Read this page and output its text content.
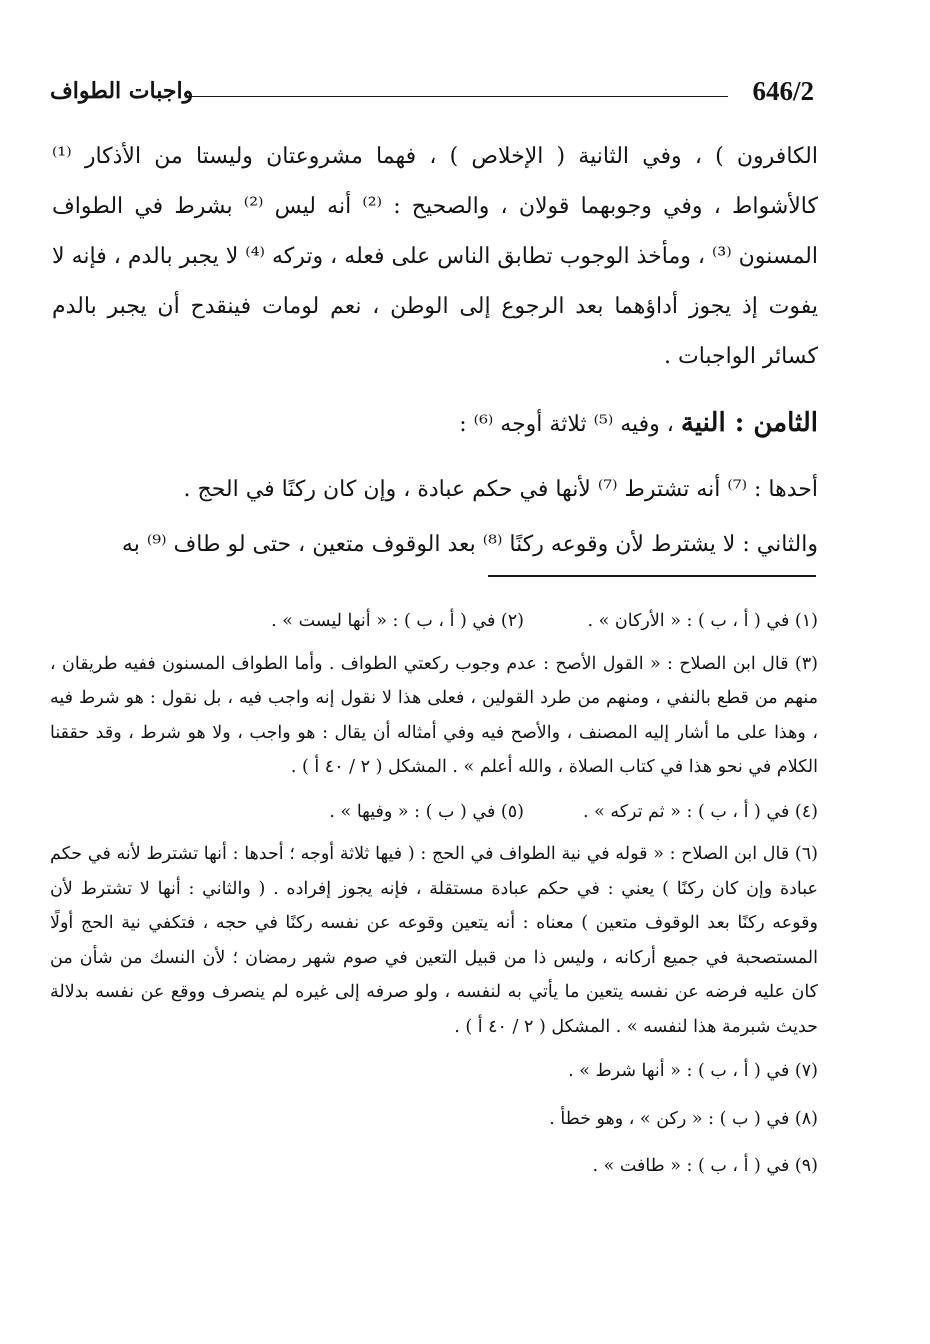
646/2
واجبات الطواف

الكافرون ) ، وفي الثانية ( الإخلاص ) ، فهما مشروعتان وليستا من الأذكار ⁽¹⁾ كالأشواط ، وفي وجوبهما قولان ، والصحيح : ⁽²⁾ أنه ليس ⁽²⁾ بشرط في الطواف المسنون ⁽³⁾ ، ومأخذ الوجوب تطابق الناس على فعله ، وتركه ⁽⁴⁾ لا يجبر بالدم ، فإنه لا يفوت إذ يجوز أداؤهما بعد الرجوع إلى الوطن ، نعم لومات فينقدح أن يجبر بالدم كسائر الواجبات .

الثامن : النية ، وفيه ⁽⁵⁾ ثلاثة أوجه ⁽⁶⁾ :

أحدها : ⁽⁷⁾ أنه تشترط ⁽⁷⁾ لأنها في حكم عبادة ، وإن كان ركنًا في الحج .

والثاني : لا يشترط لأن وقوعه ركنًا ⁽⁸⁾ بعد الوقوف متعين ، حتى لو طاف ⁽⁹⁾ به

(١) في ( أ ، ب ) : « الأركان » .
(٢) في ( أ ، ب ) : « أنها ليست » .
(٣) قال ابن الصلاح : « القول الأصح : عدم وجوب ركعتي الطواف . وأما الطواف المسنون ففيه طريقان ، منهم من قطع بالنفي ، ومنهم من طرد القولين ، فعلى هذا لا نقول إنه واجب فيه ، بل نقول : هو شرط فيه ، وهذا على ما أشار إليه المصنف ، والأصح فيه وفي أمثاله أن يقال : هو واجب ، ولا هو شرط ، وقد حققنا الكلام في نحو هذا في كتاب الصلاة ، والله أعلم » . المشكل ( ٢ / ٤٠ أ ) .
(٤) في ( أ ، ب ) : « ثم تركه » .
(٥) في ( ب ) : « وفيها » .
(٦) قال ابن الصلاح : « قوله في نية الطواف في الحج : ( فيها ثلاثة أوجه ؛ أحدها : أنها تشترط لأنه في حكم عبادة وإن كان ركنًا ) يعني : في حكم عبادة مستقلة ، فإنه يجوز إفراده . ( والثاني : أنها لا تشترط لأن وقوعه ركنًا بعد الوقوف متعين ) معناه : أنه يتعين وقوعه عن نفسه ركنًا في حجه ، فتكفي نية الحج أولًا المستصحبة في جميع أركانه ، وليس ذا من قبيل التعين في صوم شهر رمضان ؛ لأن النسك من شأن من كان عليه فرضه عن نفسه يتعين ما يأتي به لنفسه ، ولو صرفه إلى غيره لم ينصرف ووقع عن نفسه بدلالة حديث شبرمة هذا لنفسه » . المشكل ( ٢ / ٤٠ أ ) .
(٧) في ( أ ، ب ) : « أنها شرط » .
(٨) في ( ب ) : « ركن » ، وهو خطأ .
(٩) في ( أ ، ب ) : « طافت » .
